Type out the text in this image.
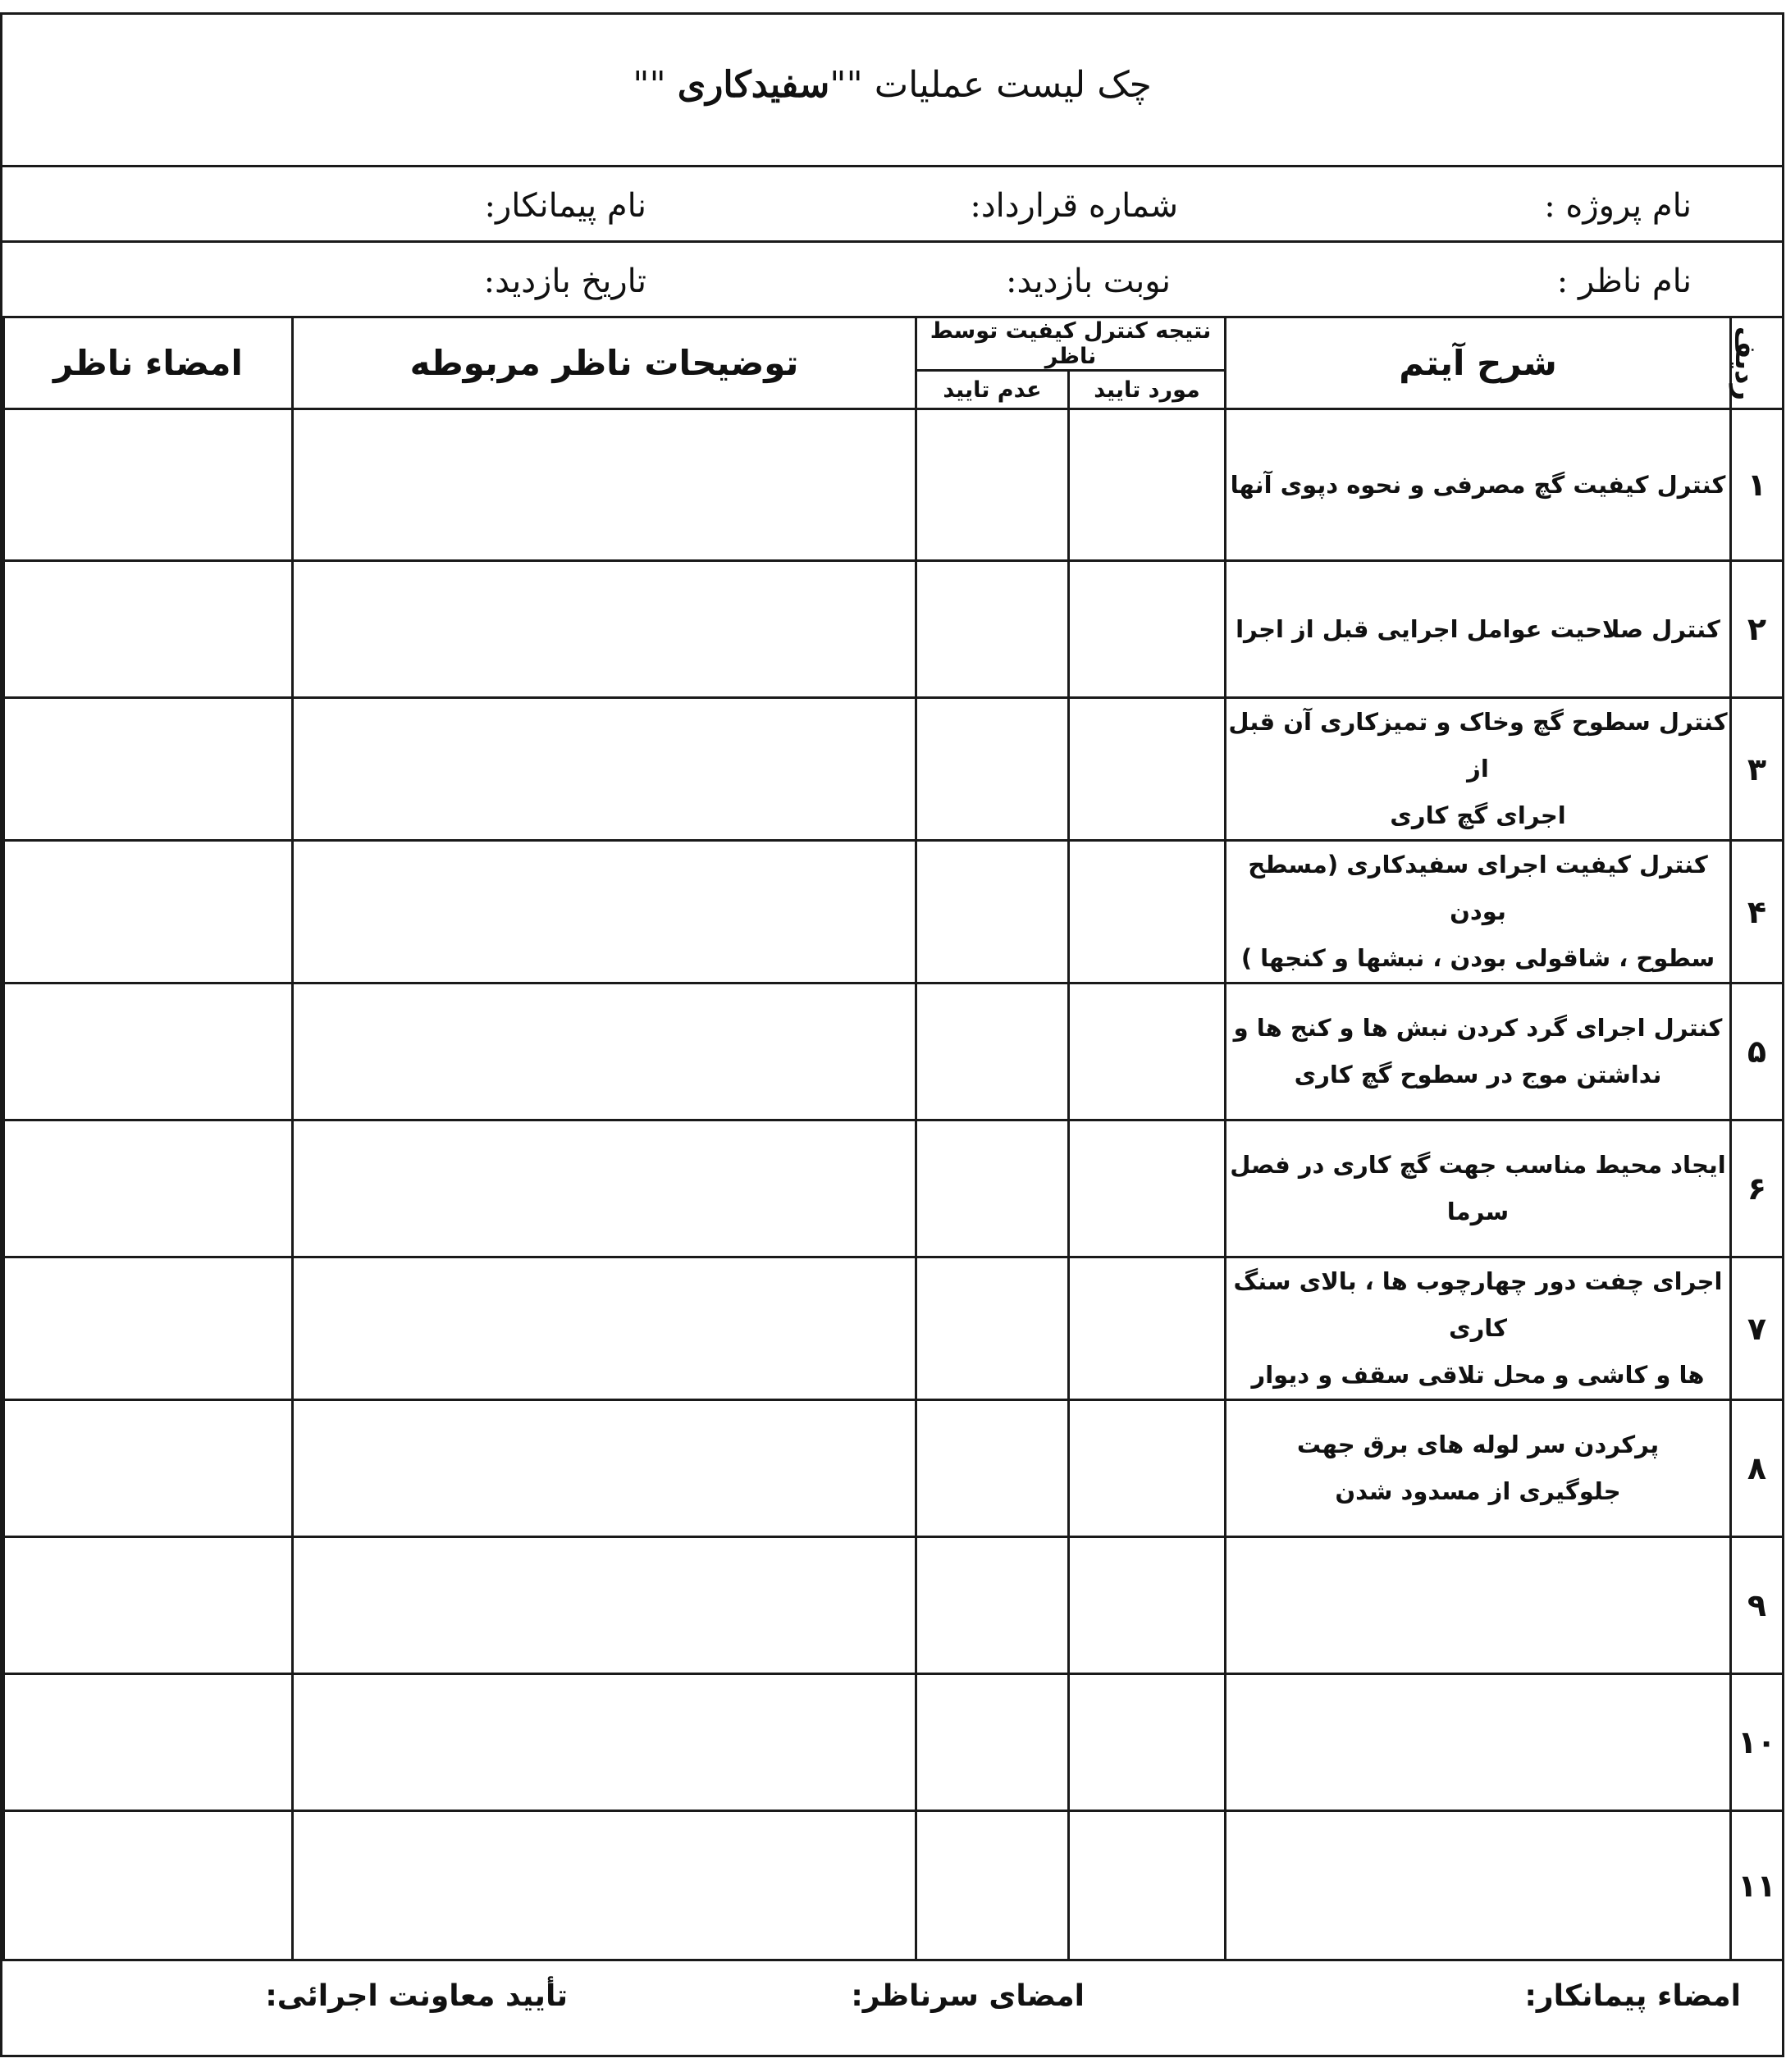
چک لیست عملیات ""سفیدکاری ""
نام پروژه :
شماره قرارداد:
نام پیمانکار:
نام ناظر :
نوبت بازدید:
تاریخ بازدید:
ردیف	شرح آیتم	نتیجه کنترل کیفیت توسط ناظر		توضیحات ناظر مربوطه	امضاء ناظر
		مورد تایید	عدم تایید		
۱	کنترل کیفیت گچ مصرفی و نحوه دپوی آنها				

۲	کنترل صلاحیت عوامل اجرایی قبل از اجرا				

۳	کنترل سطوح گچ وخاک و تمیزکاری آن قبل از
اجرای گچ کاری				

۴	کنترل کیفیت اجرای سفیدکاری (مسطح بودن
سطوح ، شاقولی بودن ، نبشها و کنجها )				

۵	کنترل اجرای گرد کردن نبش ها و کنج ها و
نداشتن موج در سطوح گچ کاری				

۶	ایجاد محیط مناسب جهت گچ کاری در فصل سرما				

۷	اجرای چفت دور چهارچوب ها ، بالای سنگ کاری
ها و کاشی و محل تلاقی سقف و دیوار				

۸	پرکردن سر لوله های برق جهت
جلوگیری از مسدود شدن				

۹	

۱۰	

۱۱	

امضاء پیمانکار:
امضای سرناظر:
تأیید معاونت اجرائی:
